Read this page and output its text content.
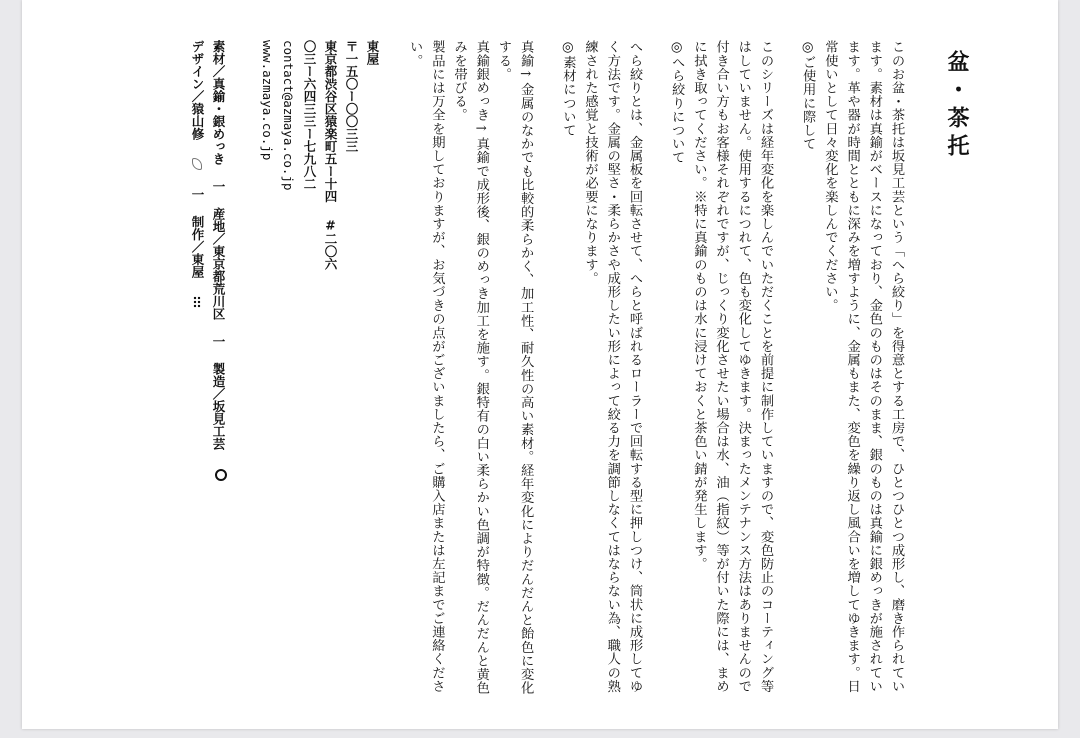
盆・茶托

このお盆・茶托は坂見工芸という「へら絞り」を得意とする工房で、ひとつひとつ成形し、磨き作られています。素材は真鍮がベースになっており、金色のものはそのまま、銀のものは真鍮に銀めっきが施されています。革や器が時間とともに深みを増すように、金属もまた、変色を繰り返し風合いを増してゆきます。日常使いとして日々変化を楽しんでください。

◎ご使用に際して

このシリーズは経年変化を楽しんでいただくことを前提に制作していますので、変色防止のコーティング等はしていません。使用するにつれて、色も変化してゆきます。決まったメンテナンス方法はありませんので付き合い方もお客様それぞれですが、じっくり変化させたい場合は水、油（指紋）等が付いた際には、まめに拭き取ってください。※特に真鍮のものは水に浸けておくと茶色い錆が発生します。

◎へら絞りについて

へら絞りとは、金属板を回転させて、へらと呼ばれるローラーで回転する型に押しつけ、筒状に成形してゆく方法です。金属の堅さ・柔らかさや成形したい形によって絞る力を調節しなくてはならない為、職人の熟練された感覚と技術が必要になります。

◎素材について

真鍮→金属のなかでも比較的柔らかく、加工性、耐久性の高い素材。経年変化によりだんだんと飴色に変化する。

真鍮銀めっき→真鍮で成形後、銀のめっき加工を施す。銀特有の白い柔らかい色調が特徴。だんだんと黄色みを帯びる。

製品には万全を期しておりますが、お気づきの点がございましたら、ご購入店または左記までご連絡ください。

東屋
〒一五〇ー〇〇三三
東京都渋谷区猿楽町五ー十四 #二〇六
〇三ー六四三三ー七九八二
contact@azmaya.co.jp
www.azmaya.co.jp
素材／真鍮・銀めっき 一 産地／東京都荒川区 一 製造／坂見工芸
デザイン／猿山修  一 制作／東屋
